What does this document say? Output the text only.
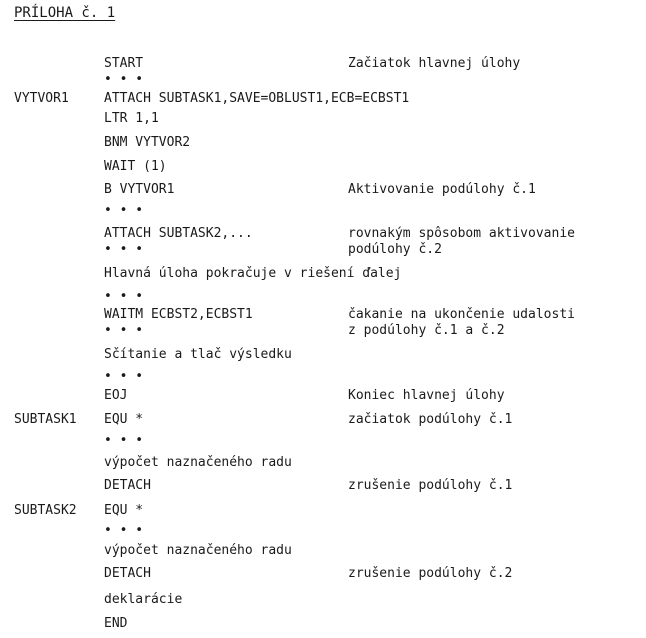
PRÍLOHA č. 1
START	Začiatok hlavnej úlohy
• • •
VYTVOR1	ATTACH SUBTASK1,SAVE=OBLUST1,ECB=ECBST1
LTR 1,1
BNM VYTVOR2
WAIT (1)
B VYTVOR1	Aktivovanie podúlohy č.1
• • •
ATTACH SUBTASK2,...	rovnakým spôsobom aktivovanie
• • •	podúlohy č.2
Hlavná úloha pokračuje v riešení ďalej
• • •
WAITM ECBST2,ECBST1	čakanie na ukončenie udalosti
• • •	z podúlohy č.1 a č.2
Sčítanie a tlač výsledku
• • •
EOJ	Koniec hlavnej úlohy
SUBTASK1 EQU *	začiatok podúlohy č.1
• • •
výpočet naznačeného radu
DETACH	zrušenie podúlohy č.1
SUBTASK2 EQU *
• • •
výpočet naznačeného radu
DETACH	zrušenie podúlohy č.2
deklarácie
END
